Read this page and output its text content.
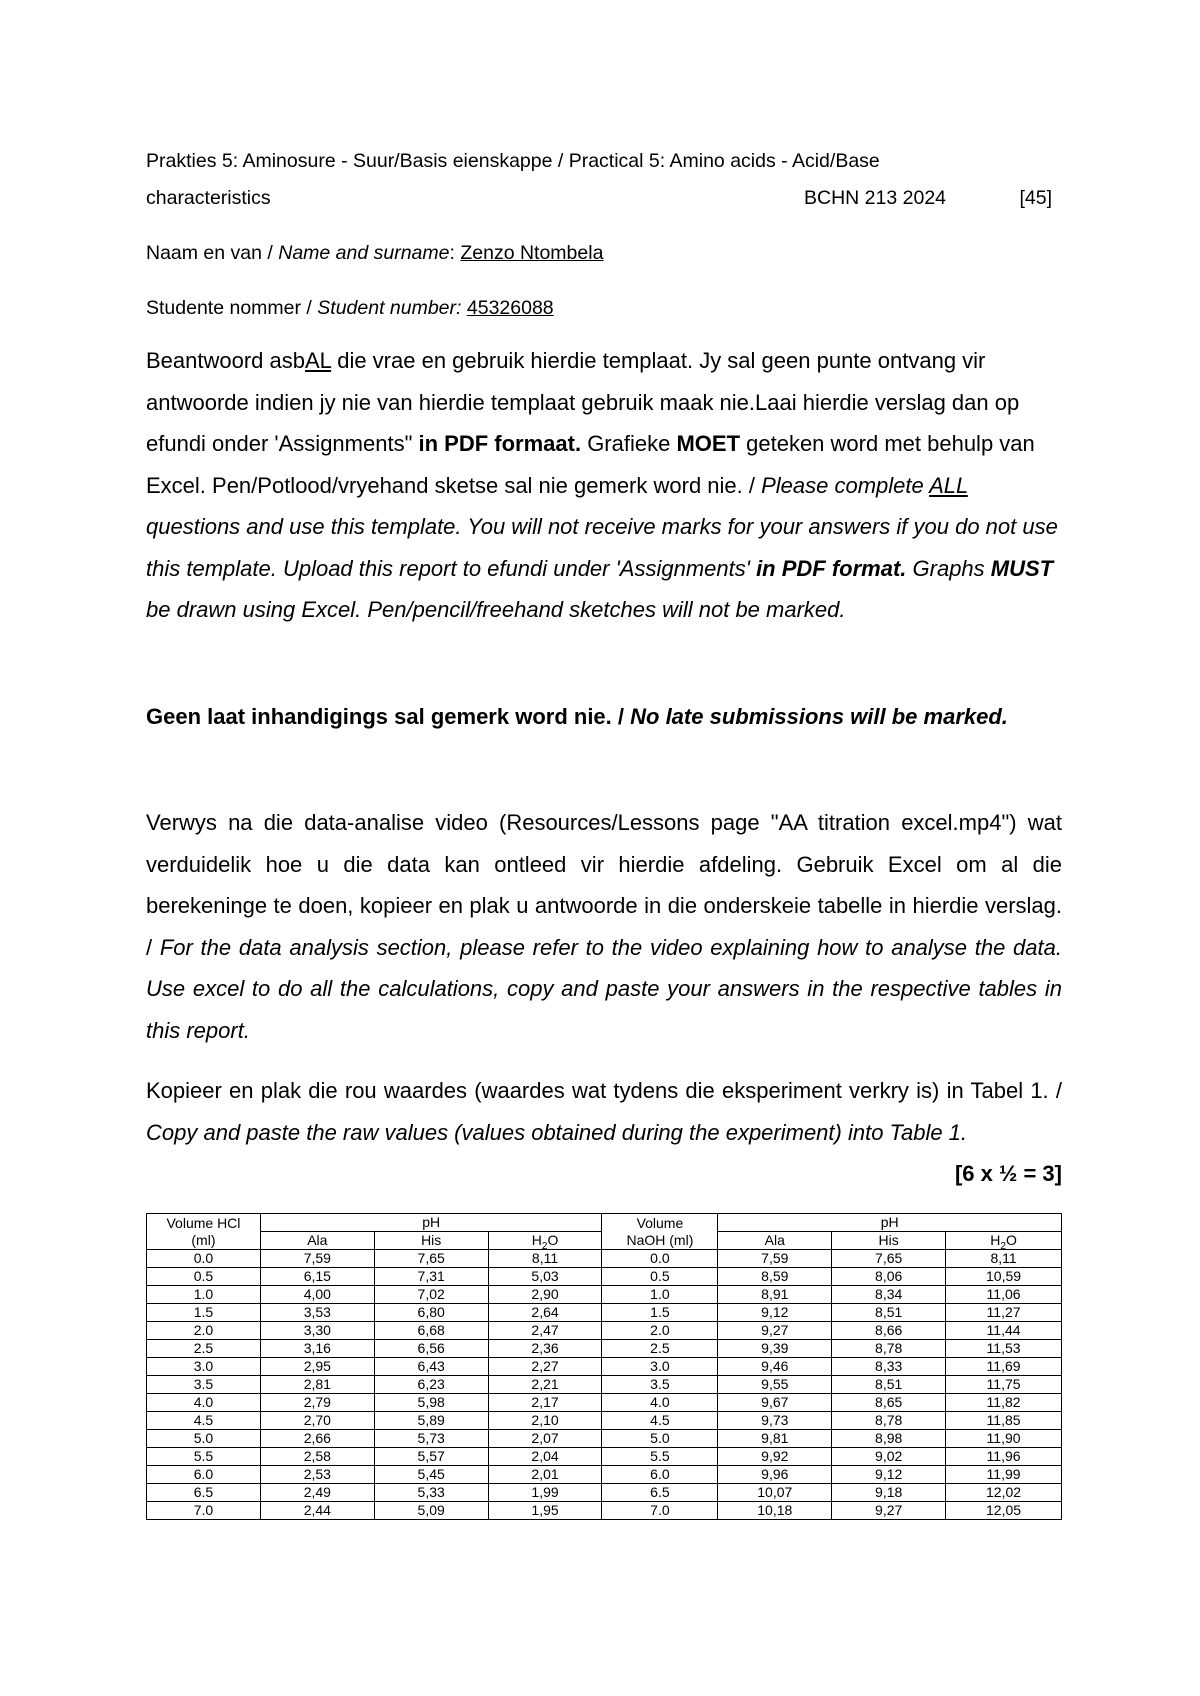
Prakties 5: Aminosure - Suur/Basis eienskappe / Practical 5: Amino acids - Acid/Base
characteristics	BCHN 213 2024	[45]
Naam en van / Name and surname: Zenzo Ntombela
Studente nommer / Student number: 45326088

Beantwoord asbAL die vrae en gebruik hierdie templaat. Jy sal geen punte ontvang vir antwoorde indien jy nie van hierdie templaat gebruik maak nie.Laai hierdie verslag dan op efundi onder 'Assignments" in PDF formaat. Grafieke MOET geteken word met behulp van Excel. Pen/Potlood/vryehand sketse sal nie gemerk word nie. / Please complete ALL questions and use this template. You will not receive marks for your answers if you do not use this template. Upload this report to efundi under 'Assignments' in PDF format. Graphs MUST be drawn using Excel. Pen/pencil/freehand sketches will not be marked.

Geen laat inhandigings sal gemerk word nie. / No late submissions will be marked.

Verwys na die data-analise video (Resources/Lessons page "AA titration excel.mp4") wat verduidelik hoe u die data kan ontleed vir hierdie afdeling. Gebruik Excel om al die berekeninge te doen, kopieer en plak u antwoorde in die onderskeie tabelle in hierdie verslag. / For the data analysis section, please refer to the video explaining how to analyse the data. Use excel to do all the calculations, copy and paste your answers in the respective tables in this report.

Kopieer en plak die rou waardes (waardes wat tydens die eksperiment verkry is) in Tabel 1. / Copy and paste the raw values (values obtained during the experiment) into Table 1.
[6 x ½ = 3]

Volume HCl	pH			Volume	pH		
(ml)	Ala	His	$H_2O$	NaOH (ml)	Ala	His	$H_2O$
0.0	7,59	7,65	8,11	0.0	7,59	7,65	8,11
0.5	6,15	7,31	5,03	0.5	8,59	8,06	10,59
1.0	4,00	7,02	2,90	1.0	8,91	8,34	11,06
1.5	3,53	6,80	2,64	1.5	9,12	8,51	11,27
2.0	3,30	6,68	2,47	2.0	9,27	8,66	11,44
2.5	3,16	6,56	2,36	2.5	9,39	8,78	11,53
3.0	2,95	6,43	2,27	3.0	9,46	8,33	11,69
3.5	2,81	6,23	2,21	3.5	9,55	8,51	11,75
4.0	2,79	5,98	2,17	4.0	9,67	8,65	11,82
4.5	2,70	5,89	2,10	4.5	9,73	8,78	11,85
5.0	2,66	5,73	2,07	5.0	9,81	8,98	11,90
5.5	2,58	5,57	2,04	5.5	9,92	9,02	11,96
6.0	2,53	5,45	2,01	6.0	9,96	9,12	11,99
6.5	2,49	5,33	1,99	6.5	10,07	9,18	12,02
7.0	2,44	5,09	1,95	7.0	10,18	9,27	12,05
